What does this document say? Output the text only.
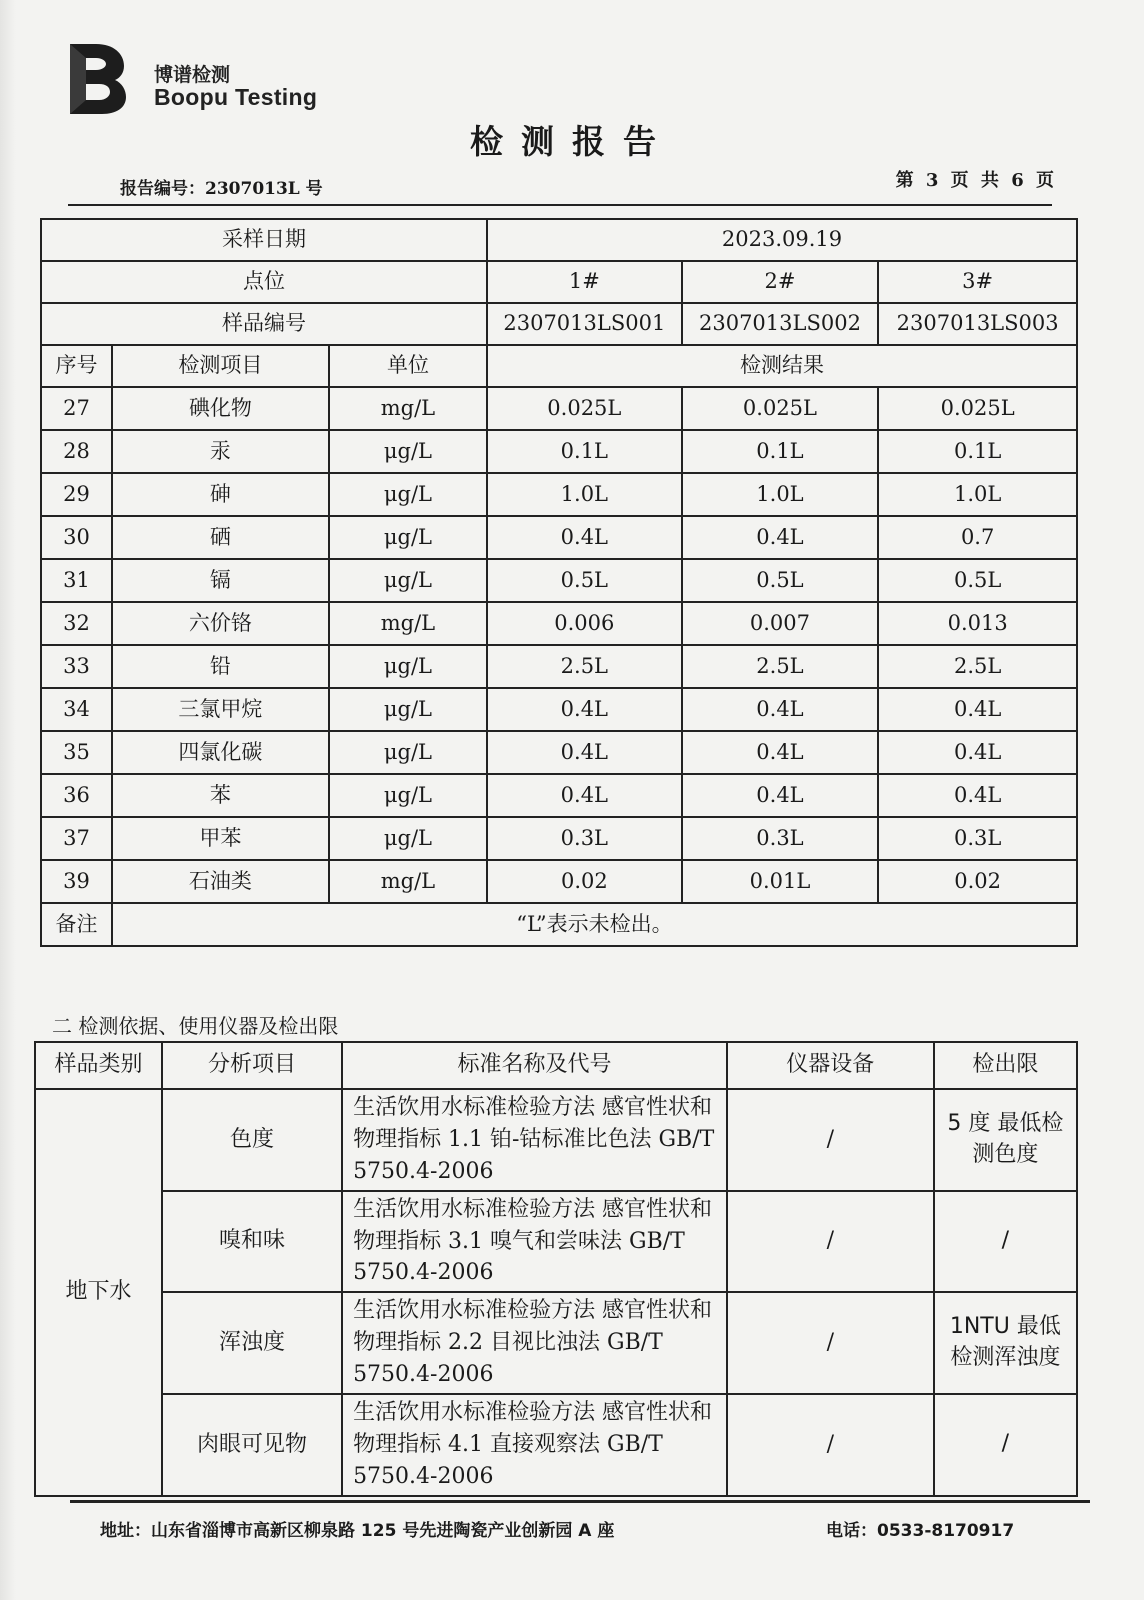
博谱检测
Boopu Testing
检测报告
报告编号：2307013L 号	第 3 页 共 6 页
采样日期			2023.09.19		
点位			1#	2#	3#
样品编号			2307013LS001	2307013LS002	2307013LS003
序号	检测项目	单位	检测结果		
27	碘化物	mg/L	0.025L	0.025L	0.025L
28	汞	μg/L	0.1L	0.1L	0.1L
29	砷	μg/L	1.0L	1.0L	1.0L
30	硒	μg/L	0.4L	0.4L	0.7
31	镉	μg/L	0.5L	0.5L	0.5L
32	六价铬	mg/L	0.006	0.007	0.013
33	铅	μg/L	2.5L	2.5L	2.5L
34	三氯甲烷	μg/L	0.4L	0.4L	0.4L
35	四氯化碳	μg/L	0.4L	0.4L	0.4L
36	苯	μg/L	0.4L	0.4L	0.4L
37	甲苯	μg/L	0.3L	0.3L	0.3L
39	石油类	mg/L	0.02	0.01L	0.02
备注	“L”表示未检出。				
二 检测依据、使用仪器及检出限
样品类别	分析项目	标准名称及代号	仪器设备	检出限
地下水	色度	生活饮用水标准检验方法 感官性状和物理指标 1.1 铂-钴标准比色法 GB/T 5750.4-2006	/	5 度 最低检测色度
	嗅和味	生活饮用水标准检验方法 感官性状和物理指标 3.1 嗅气和尝味法 GB/T 5750.4-2006	/	/
	浑浊度	生活饮用水标准检验方法 感官性状和物理指标 2.2 目视比浊法 GB/T 5750.4-2006	/	1NTU 最低检测浑浊度
	肉眼可见物	生活饮用水标准检验方法 感官性状和物理指标 4.1 直接观察法 GB/T 5750.4-2006	/	/
地址：山东省淄博市高新区柳泉路 125 号先进陶瓷产业创新园 A 座	电话：0533-8170917
